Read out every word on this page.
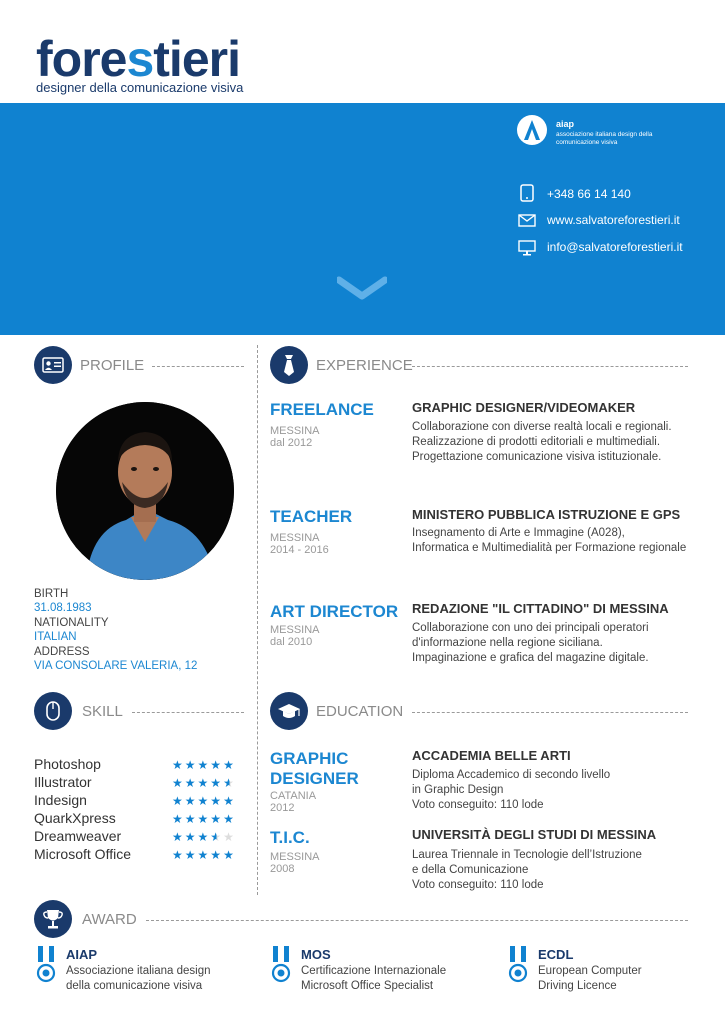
forestieri
designer della comunicazione visiva
aiap
associazione italiana design della comunicazione visiva
+348 66 14 140
www.salvatoreforestieri.it
info@salvatoreforestieri.it
PROFILE
BIRTH
31.08.1983
NATIONALITY
ITALIAN
ADDRESS
VIA CONSOLARE VALERIA, 12
SKILL
Photoshop	★★★★★
Illustrator	★★★★★
Indesign	★★★★★
QuarkXpress	★★★★★
Dreamweaver	★★★★★
Microsoft Office	★★★★★
EXPERIENCE
FREELANCE
MESSINA
dal 2012
GRAPHIC DESIGNER/VIDEOMAKER
Collaborazione con diverse realtà locali e regionali.
Realizzazione di prodotti editoriali e multimediali.
Progettazione comunicazione visiva istituzionale.
TEACHER
MESSINA
2014 - 2016
MINISTERO PUBBLICA ISTRUZIONE E GPS
Insegnamento di Arte e Immagine (A028),
Informatica e Multimedialità per Formazione regionale
ART DIRECTOR
MESSINA
dal 2010
REDAZIONE "IL CITTADINO" DI MESSINA
Collaborazione con uno dei principali operatori
d'informazione nella regione siciliana.
Impaginazione e grafica del magazine digitale.
EDUCATION
GRAPHIC
DESIGNER
CATANIA
2012
ACCADEMIA BELLE ARTI
Diploma Accademico di secondo livello
in Graphic Design
Voto conseguito: 110 lode
T.I.C.
MESSINA
2008
UNIVERSITÀ DEGLI STUDI DI MESSINA
Laurea Triennale in Tecnologie dell’Istruzione
e della Comunicazione
Voto conseguito: 110 lode
AWARD
AIAP
Associazione italiana design
della comunicazione visiva
MOS
Certificazione Internazionale
Microsoft Office Specialist
ECDL
European Computer
Driving Licence
